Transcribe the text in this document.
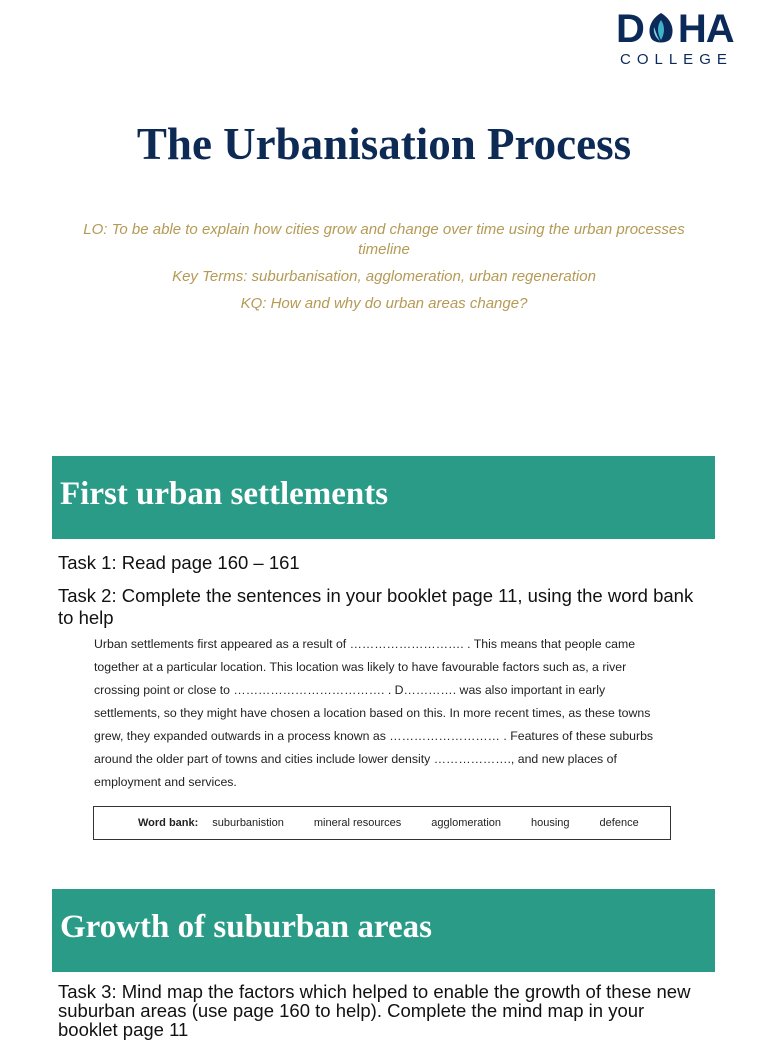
D HA
COLLEGE
The Urbanisation Process

LO: To be able to explain how cities grow and change over time using the urban processes timeline

Key Terms: suburbanisation, agglomeration, urban regeneration

KQ: How and why do urban areas change?

First urban settlements

Task 1: Read page 160 – 161

Task 2: Complete the sentences in your booklet page 11, using the word bank to help

Urban settlements first appeared as a result of ………………………. . This means that people came together at a particular location. This location was likely to have favourable factors such as, a river crossing point or close to ………………………………. . D…………. was also important in early settlements, so they might have chosen a location based on this. In more recent times, as these towns grew, they expanded outwards in a process known as ……………………… . Features of these suburbs around the older part of towns and cities include lower density ………………., and new places of employment and services.

Word bank: suburbanistion	mineral resources	agglomeration	housing	defence
Growth of suburban areas

Task 3: Mind map the factors which helped to enable the growth of these new suburban areas (use page 160 to help). Complete the mind map in your booklet page 11
